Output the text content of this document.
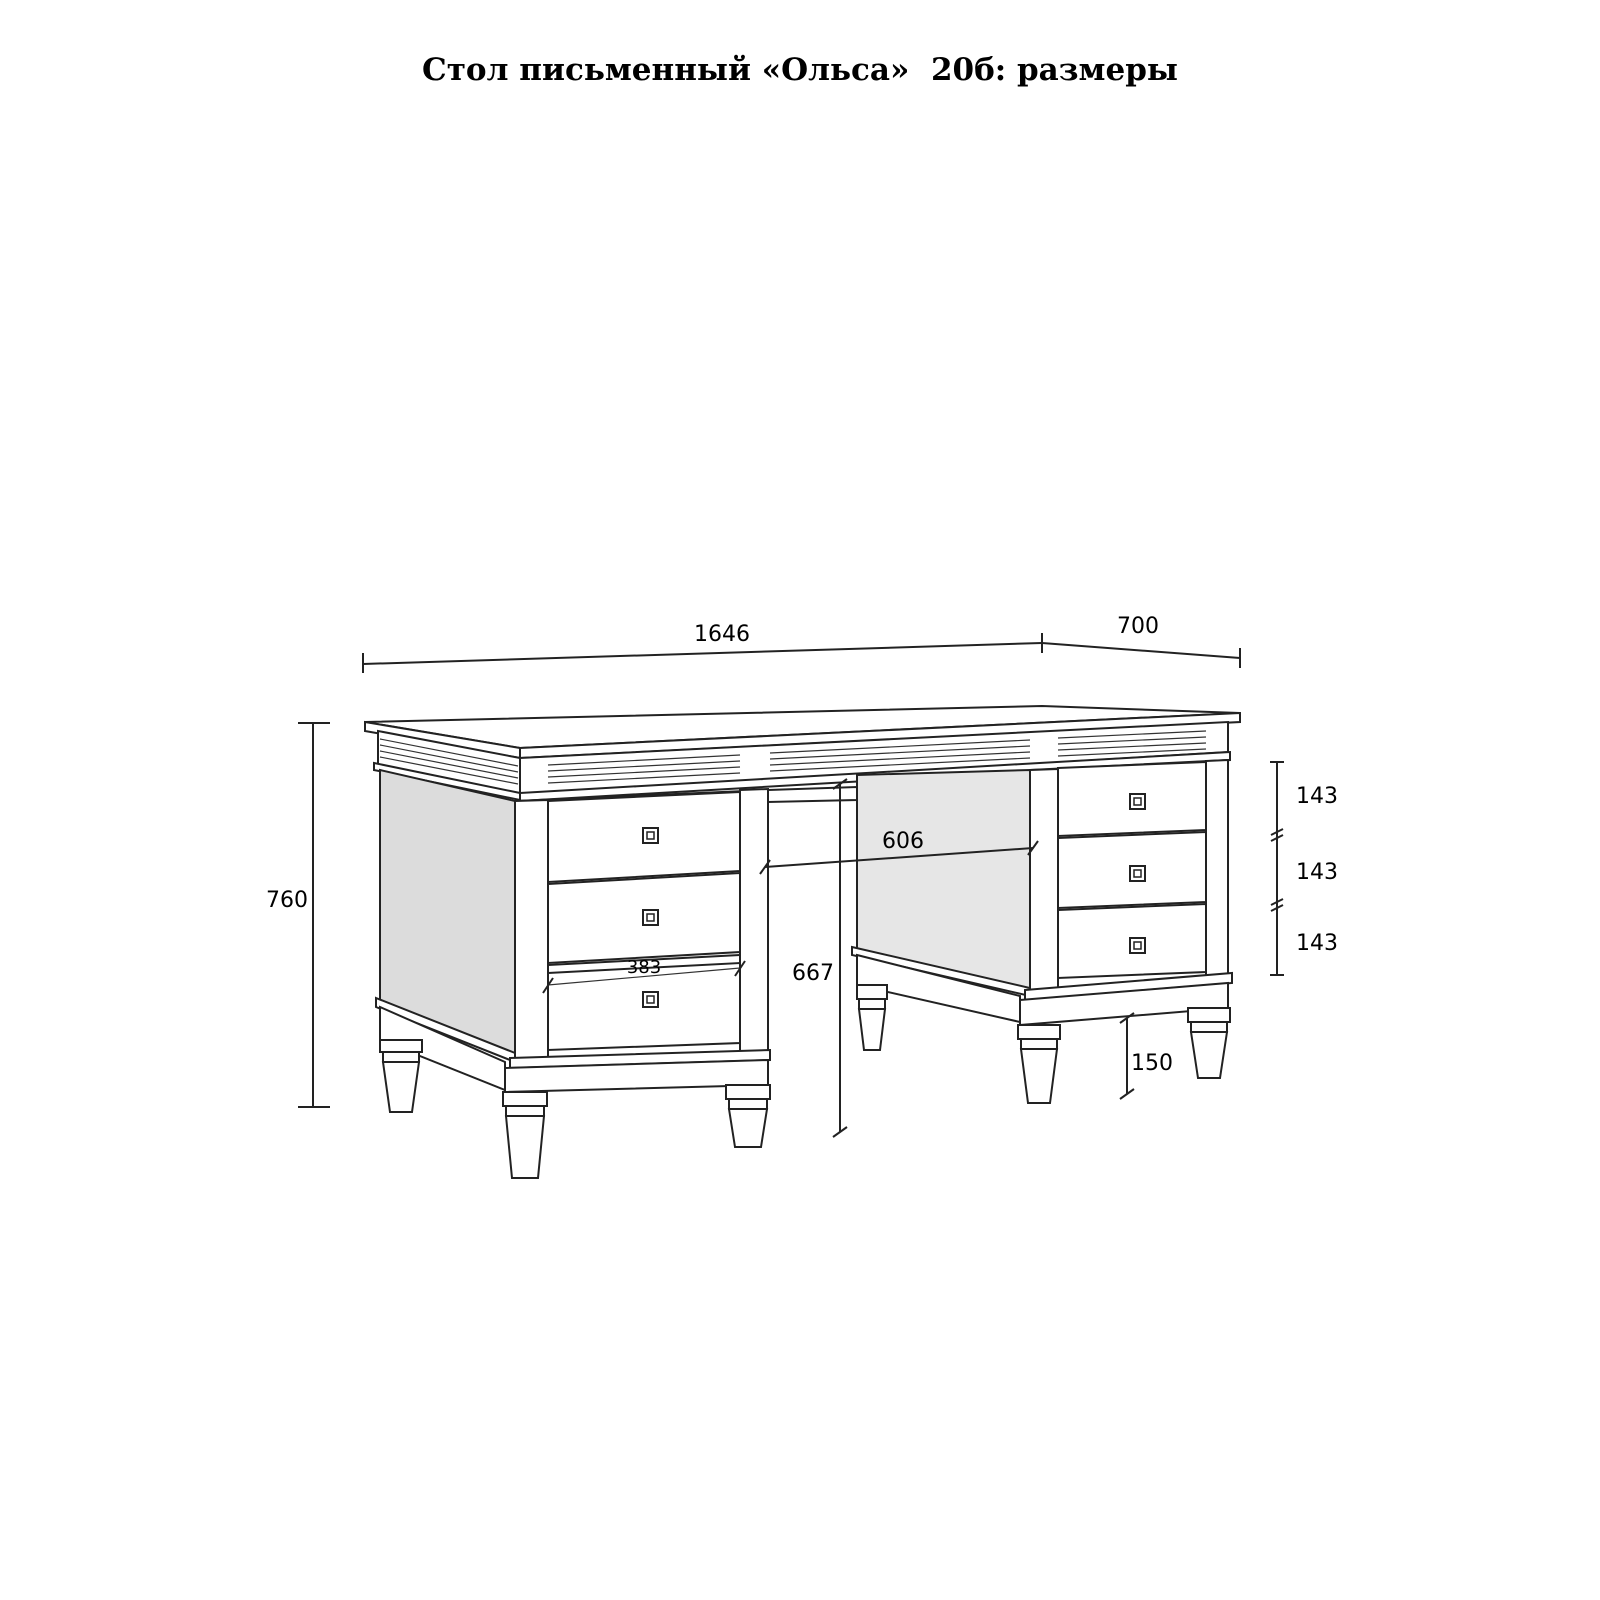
Стол письменный «Ольса»  20б: размеры
1646	700
760
667
606
383
143
143
143
150
